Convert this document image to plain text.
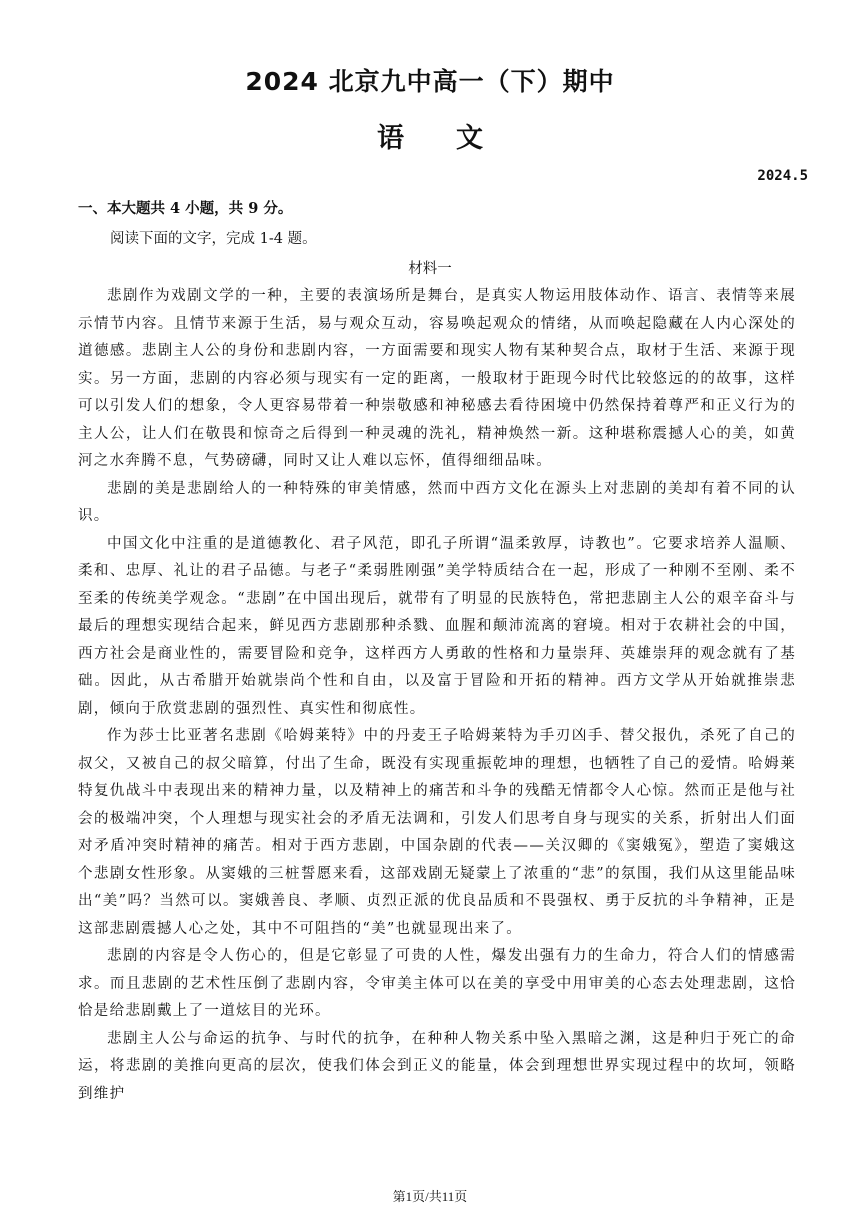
2024 北京九中高一（下）期中
语文
2024.5
一、本大题共 4 小题，共 9 分。
阅读下面的文字，完成 1-4 题。
材料一

悲剧作为戏剧文学的一种，主要的表演场所是舞台，是真实人物运用肢体动作、语言、表情等来展示情节内容。且情节来源于生活，易与观众互动，容易唤起观众的情绪，从而唤起隐藏在人内心深处的道德感。悲剧主人公的身份和悲剧内容，一方面需要和现实人物有某种契合点，取材于生活、来源于现实。另一方面，悲剧的内容必须与现实有一定的距离，一般取材于距现今时代比较悠远的的故事，这样可以引发人们的想象，令人更容易带着一种崇敬感和神秘感去看待困境中仍然保持着尊严和正义行为的主人公，让人们在敬畏和惊奇之后得到一种灵魂的洗礼，精神焕然一新。这种堪称震撼人心的美，如黄河之水奔腾不息，气势磅礴，同时又让人难以忘怀，值得细细品味。

悲剧的美是悲剧给人的一种特殊的审美情感，然而中西方文化在源头上对悲剧的美却有着不同的认识。

中国文化中注重的是道德教化、君子风范，即孔子所谓“温柔敦厚，诗教也”。它要求培养人温顺、柔和、忠厚、礼让的君子品德。与老子“柔弱胜刚强”美学特质结合在一起，形成了一种刚不至刚、柔不至柔的传统美学观念。“悲剧”在中国出现后，就带有了明显的民族特色，常把悲剧主人公的艰辛奋斗与最后的理想实现结合起来，鲜见西方悲剧那种杀戮、血腥和颠沛流离的窘境。相对于农耕社会的中国，西方社会是商业性的，需要冒险和竞争，这样西方人勇敢的性格和力量崇拜、英雄崇拜的观念就有了基础。因此，从古希腊开始就崇尚个性和自由，以及富于冒险和开拓的精神。西方文学从开始就推崇悲剧，倾向于欣赏悲剧的强烈性、真实性和彻底性。

作为莎士比亚著名悲剧《哈姆莱特》中的丹麦王子哈姆莱特为手刃凶手、替父报仇，杀死了自己的叔父，又被自己的叔父暗算，付出了生命，既没有实现重振乾坤的理想，也牺牲了自己的爱情。哈姆莱特复仇战斗中表现出来的精神力量，以及精神上的痛苦和斗争的残酷无情都令人心惊。然而正是他与社会的极端冲突，个人理想与现实社会的矛盾无法调和，引发人们思考自身与现实的关系，折射出人们面对矛盾冲突时精神的痛苦。相对于西方悲剧，中国杂剧的代表——关汉卿的《窦娥冤》，塑造了窦娥这个悲剧女性形象。从窦娥的三桩誓愿来看，这部戏剧无疑蒙上了浓重的“悲”的氛围，我们从这里能品味出“美”吗？当然可以。窦娥善良、孝顺、贞烈正派的优良品质和不畏强权、勇于反抗的斗争精神，正是这部悲剧震撼人心之处，其中不可阻挡的“美”也就显现出来了。

悲剧的内容是令人伤心的，但是它彰显了可贵的人性，爆发出强有力的生命力，符合人们的情感需求。而且悲剧的艺术性压倒了悲剧内容，令审美主体可以在美的享受中用审美的心态去处理悲剧，这恰恰是给悲剧戴上了一道炫目的光环。

悲剧主人公与命运的抗争、与时代的抗争，在种种人物关系中坠入黑暗之渊，这是种归于死亡的命运，将悲剧的美推向更高的层次，使我们体会到正义的能量，体会到理想世界实现过程中的坎坷，领略到维护

第1页/共11页
